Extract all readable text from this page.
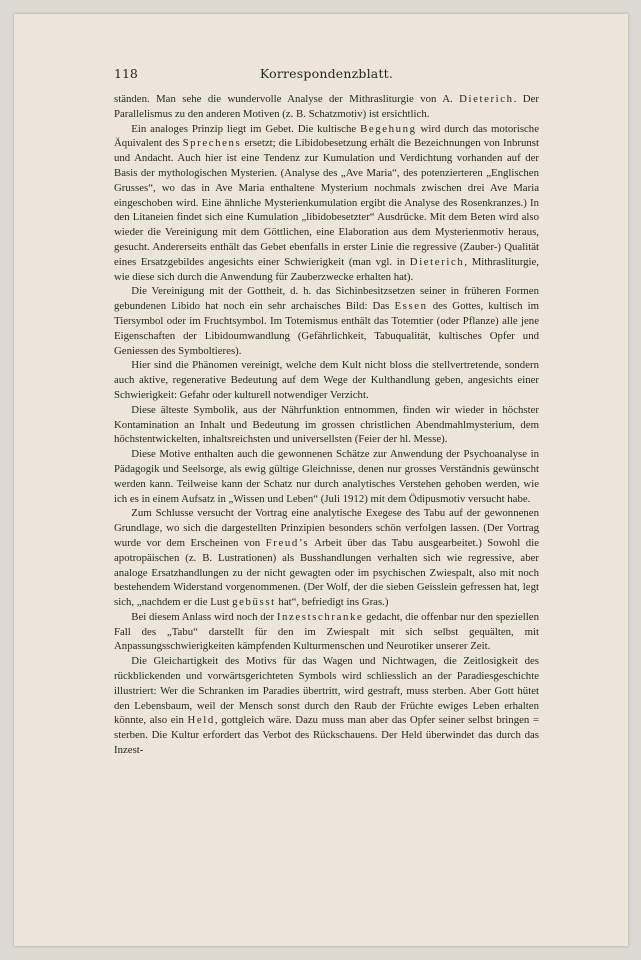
118	Korrespondenzblatt.

ständen. Man sehe die wundervolle Analyse der Mithrasliturgie von A. Dieterich. Der Parallelismus zu den anderen Motiven (z. B. Schatzmotiv) ist ersichtlich.

Ein analoges Prinzip liegt im Gebet. Die kultische Begehung wird durch das motorische Äquivalent des Sprechens ersetzt; die Libidobesetzung erhält die Bezeichnungen von Inbrunst und Andacht. Auch hier ist eine Tendenz zur Kumulation und Verdichtung vorhanden auf der Basis der mythologischen Mysterien. (Analyse des „Ave Maria“, des potenzierteren „Englischen Grusses“, wo das in Ave Maria enthaltene Mysterium nochmals zwischen drei Ave Maria eingeschoben wird. Eine ähnliche Mysterienkumulation ergibt die Analyse des Rosenkranzes.) In den Litaneien findet sich eine Kumulation „libidobesetzter“ Ausdrücke. Mit dem Beten wird also wieder die Vereinigung mit dem Göttlichen, eine Elaboration aus dem Mysterienmotiv heraus, gesucht. Andererseits enthält das Gebet ebenfalls in erster Linie die regressive (Zauber-) Qualität eines Ersatzgebildes angesichts einer Schwierigkeit (man vgl. in Dieterich, Mithrasliturgie, wie diese sich durch die Anwendung für Zauberzwecke erhalten hat).

Die Vereinigung mit der Gottheit, d. h. das Sichinbesitzsetzen seiner in früheren Formen gebundenen Libido hat noch ein sehr archaisches Bild: Das Essen des Gottes, kultisch im Tiersymbol oder im Fruchtsymbol. Im Totemismus enthält das Totemtier (oder Pflanze) alle jene Eigenschaften der Libidoumwandlung (Gefährlichkeit, Tabuqualität, kultisches Opfer und Geniessen des Symboltieres).

Hier sind die Phänomen vereinigt, welche dem Kult nicht bloss die stellvertretende, sondern auch aktive, regenerative Bedeutung auf dem Wege der Kulthandlung geben, angesichts einer Schwierigkeit: Gefahr oder kulturell notwendiger Verzicht.

Diese älteste Symbolik, aus der Nährfunktion entnommen, finden wir wieder in höchster Kontamination an Inhalt und Bedeutung im grossen christlichen Abendmahlmysterium, dem höchstentwickelten, inhaltsreichsten und universellsten (Feier der hl. Messe).

Diese Motive enthalten auch die gewonnenen Schätze zur Anwendung der Psychoanalyse in Pädagogik und Seelsorge, als ewig gültige Gleichnisse, denen nur grosses Verständnis gewünscht werden kann. Teilweise kann der Schatz nur durch analytisches Verstehen gehoben werden, wie ich es in einem Aufsatz in „Wissen und Leben“ (Juli 1912) mit dem Ödipusmotiv versucht habe.

Zum Schlusse versucht der Vortrag eine analytische Exegese des Tabu auf der gewonnenen Grundlage, wo sich die dargestellten Prinzipien besonders schön verfolgen lassen. (Der Vortrag wurde vor dem Erscheinen von Freud’s Arbeit über das Tabu ausgearbeitet.) Sowohl die apotropäischen (z. B. Lustrationen) als Busshandlungen verhalten sich wie regressive, aber analoge Ersatzhandlungen zu der nicht gewagten oder im psychischen Zwiespalt, also mit noch bestehendem Widerstand vorgenommenen. (Der Wolf, der die sieben Geisslein gefressen hat, legt sich, „nachdem er die Lust gebüsst hat“, befriedigt ins Gras.)

Bei diesem Anlass wird noch der Inzestschranke gedacht, die offenbar nur den speziellen Fall des „Tabu“ darstellt für den im Zwiespalt mit sich selbst gequälten, mit Anpassungsschwierigkeiten kämpfenden Kulturmenschen und Neurotiker unserer Zeit.

Die Gleichartigkeit des Motivs für das Wagen und Nichtwagen, die Zeitlosigkeit des rückblickenden und vorwärtsgerichteten Symbols wird schliesslich an der Paradiesgeschichte illustriert: Wer die Schranken im Paradies übertritt, wird gestraft, muss sterben. Aber Gott hütet den Lebensbaum, weil der Mensch sonst durch den Raub der Früchte ewiges Leben erhalten könnte, also ein Held, gottgleich wäre. Dazu muss man aber das Opfer seiner selbst bringen = sterben. Die Kultur erfordert das Verbot des Rückschauens. Der Held überwindet das durch das Inzest-
